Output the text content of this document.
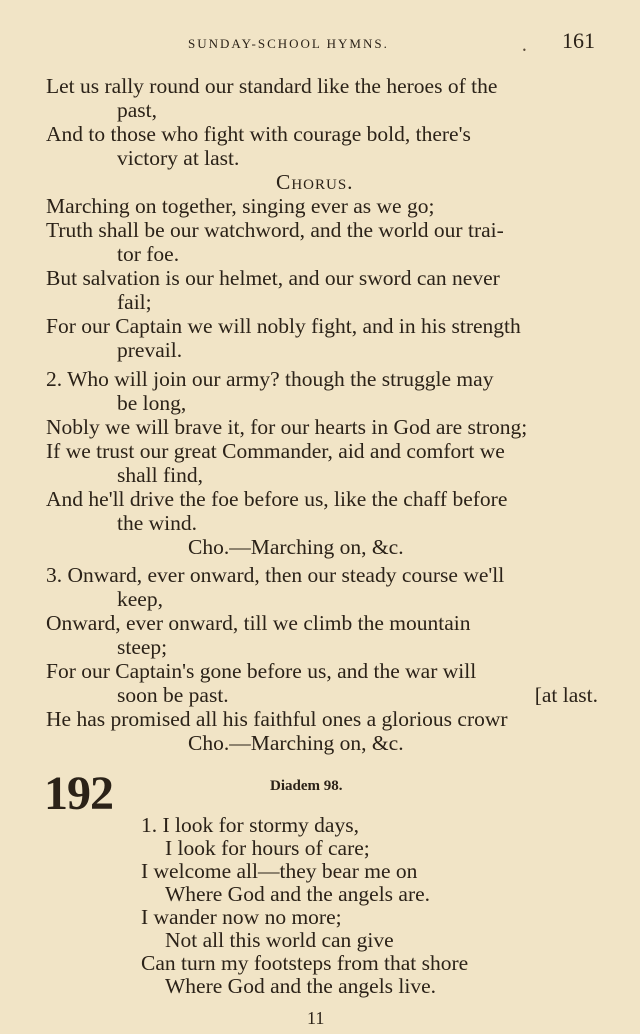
SUNDAY-SCHOOL HYMNS.	• 161
Let us rally round our standard like the heroes of the
past,
And to those who fight with courage bold, there's
victory at last.
Chorus.
Marching on together, singing ever as we go;
Truth shall be our watchword, and the world our trai-
tor foe.
But salvation is our helmet, and our sword can never
fail;
For our Captain we will nobly fight, and in his strength
prevail.
2. Who will join our army? though the struggle may
be long,
Nobly we will brave it, for our hearts in God are strong;
If we trust our great Commander, aid and comfort we
shall find,
And he'll drive the foe before us, like the chaff before
the wind.
Cho.—Marching on, &c.
3. Onward, ever onward, then our steady course we'll
keep,
Onward, ever onward, till we climb the mountain
steep;
For our Captain's gone before us, and the war will
soon be past.	[at last.
He has promised all his faithful ones a glorious crowr
Cho.—Marching on, &c.
192	Diadem 98.
1. I look for stormy days,
I look for hours of care;
I welcome all—they bear me on
Where God and the angels are.
I wander now no more;
Not all this world can give
Can turn my footsteps from that shore
Where God and the angels live.
11
